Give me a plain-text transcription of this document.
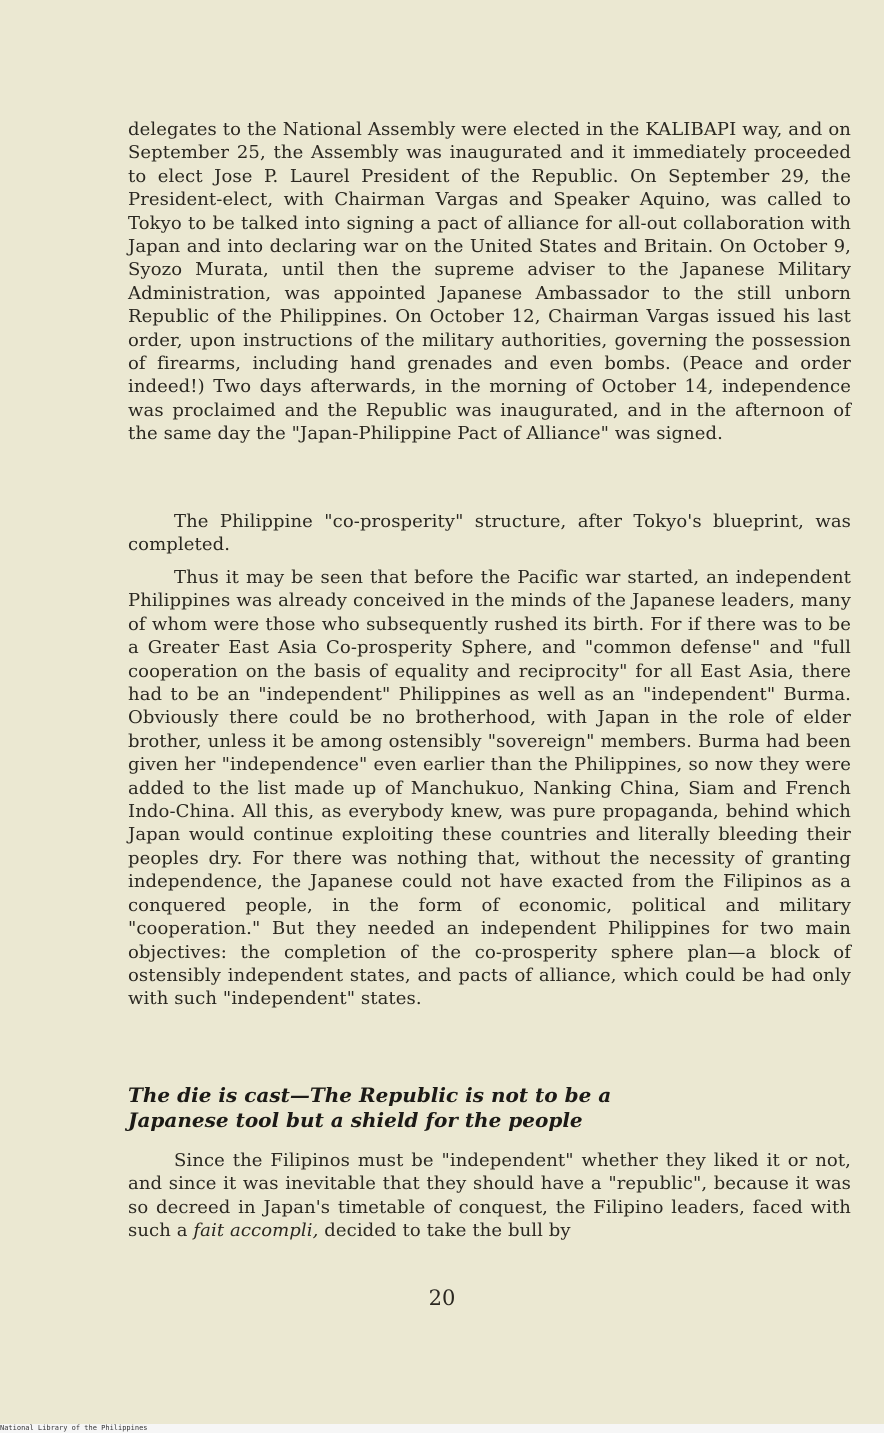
delegates to the National Assembly were elected in the KALIBAPI way, and on September 25, the Assembly was inaugurated and it immediately proceeded to elect Jose P. Laurel President of the Republic. On September 29, the President-elect, with Chairman Vargas and Speaker Aquino, was called to Tokyo to be talked into signing a pact of alliance for all-out collaboration with Japan and into declaring war on the United States and Britain. On October 9, Syozo Murata, until then the supreme adviser to the Japanese Military Administration, was appointed Japanese Ambassador to the still unborn Republic of the Philippines. On October 12, Chairman Vargas issued his last order, upon instructions of the military authorities, governing the possession of firearms, including hand grenades and even bombs. (Peace and order indeed!) Two days afterwards, in the morning of October 14, independence was proclaimed and the Republic was inaugurated, and in the afternoon of the same day the "Japan-Philippine Pact of Alliance" was signed.

The Philippine "co-prosperity" structure, after Tokyo's blueprint, was completed.

Thus it may be seen that before the Pacific war started, an independent Philippines was already conceived in the minds of the Japanese leaders, many of whom were those who subsequently rushed its birth. For if there was to be a Greater East Asia Co-prosperity Sphere, and "common defense" and "full cooperation on the basis of equality and reciprocity" for all East Asia, there had to be an "independent" Philippines as well as an "independent" Burma. Obviously there could be no brotherhood, with Japan in the role of elder brother, unless it be among ostensibly "sovereign" members. Burma had been given her "independence" even earlier than the Philippines, so now they were added to the list made up of Manchukuo, Nanking China, Siam and French Indo-China. All this, as everybody knew, was pure propaganda, behind which Japan would continue exploiting these countries and literally bleeding their peoples dry. For there was nothing that, without the necessity of granting independence, the Japanese could not have exacted from the Filipinos as a conquered people, in the form of economic, political and military "cooperation." But they needed an independent Philippines for two main objectives: the completion of the co-prosperity sphere plan—a block of ostensibly independent states, and pacts of alliance, which could be had only with such "independent" states.

The die is cast—The Republic is not to be a Japanese tool but a shield for the people

Since the Filipinos must be "independent" whether they liked it or not, and since it was inevitable that they should have a "republic", because it was so decreed in Japan's timetable of conquest, the Filipino leaders, faced with such a fait accompli, decided to take the bull by

20
National Library of the Philippines
